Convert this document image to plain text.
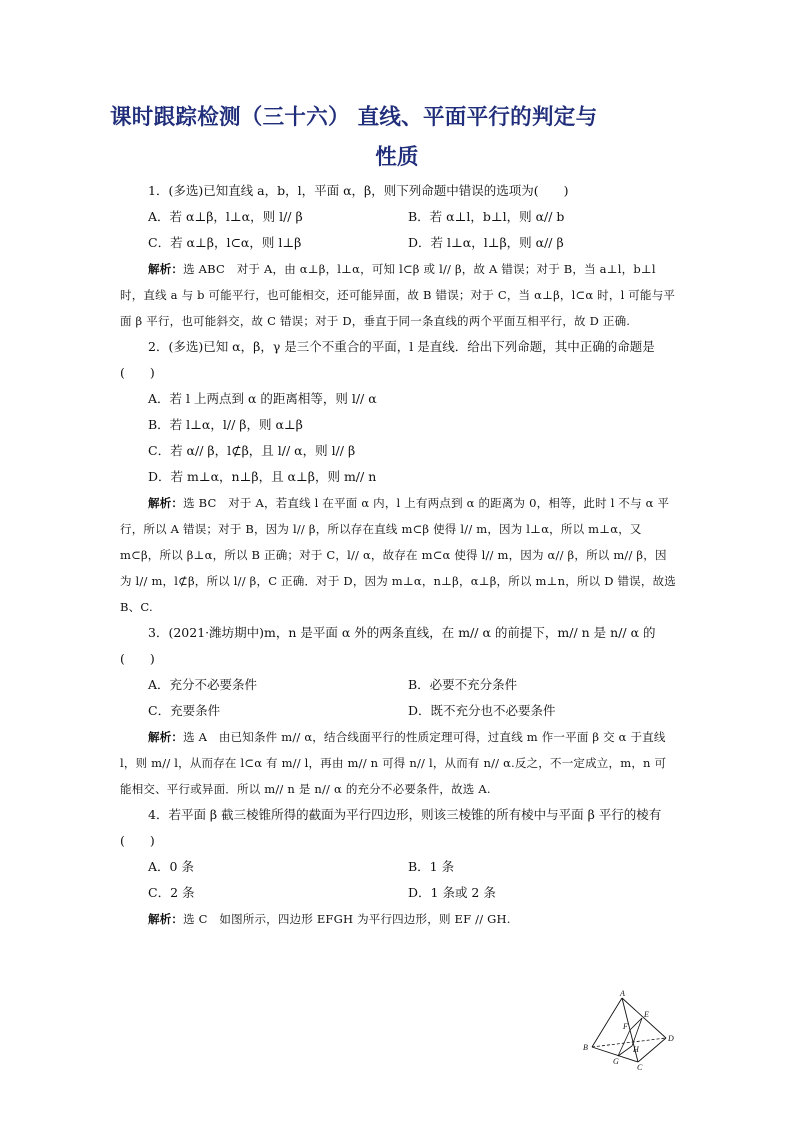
课时跟踪检测（三十六） 直线、平面平行的判定与
性质

1．(多选)已知直线 a，b，l，平面 α，β，则下列命题中错误的选项为(　　)

A．若 α⊥β，l⊥α，则 l// β	B．若 α⊥l，b⊥l，则 α// b
C．若 α⊥β，l⊂α，则 l⊥β	D．若 l⊥α，l⊥β，则 α// β

解析：选 ABC　对于 A，由 α⊥β，l⊥α，可知 l⊂β 或 l// β，故 A 错误；对于 B，当 a⊥l，b⊥l 时，直线 a 与 b 可能平行，也可能相交，还可能异面，故 B 错误；对于 C，当 α⊥β，l⊂α 时，l 可能与平面 β 平行，也可能斜交，故 C 错误；对于 D，垂直于同一条直线的两个平面互相平行，故 D 正确.

2．(多选)已知 α，β，γ 是三个不重合的平面，l 是直线．给出下列命题，其中正确的命题是(　　)

A．若 l 上两点到 α 的距离相等，则 l// α
B．若 l⊥α，l// β，则 α⊥β
C．若 α// β，l⊄β，且 l// α，则 l// β
D．若 m⊥α，n⊥β，且 α⊥β，则 m// n

解析：选 BC　对于 A，若直线 l 在平面 α 内，l 上有两点到 α 的距离为 0，相等，此时 l 不与 α 平行，所以 A 错误；对于 B，因为 l// β，所以存在直线 m⊂β 使得 l// m，因为 l⊥α，所以 m⊥α，又 m⊂β，所以 β⊥α，所以 B 正确；对于 C，l// α，故存在 m⊂α 使得 l// m，因为 α// β，所以 m// β，因为 l// m，l⊄β，所以 l// β，C 正确．对于 D，因为 m⊥α，n⊥β，α⊥β，所以 m⊥n，所以 D 错误，故选 B、C.

3．(2021·潍坊期中)m，n 是平面 α 外的两条直线，在 m// α 的前提下，m// n 是 n// α 的(　　)

A．充分不必要条件	B．必要不充分条件
C．充要条件	D．既不充分也不必要条件

解析：选 A　由已知条件 m// α，结合线面平行的性质定理可得，过直线 m 作一平面 β 交 α 于直线 l，则 m// l，从而存在 l⊂α 有 m// l，再由 m// n 可得 n// l，从而有 n// α.反之，不一定成立，m，n 可能相交、平行或异面．所以 m// n 是 n// α 的充分不必要条件，故选 A.

4．若平面 β 截三棱锥所得的截面为平行四边形，则该三棱锥的所有棱中与平面 β 平行的棱有(　　)

A．0 条	B．1 条
C．2 条	D．1 条或 2 条

解析：选 C　如图所示，四边形 EFGH 为平行四边形，则 EF // GH.

A
B
C
D
E
F
G
H
